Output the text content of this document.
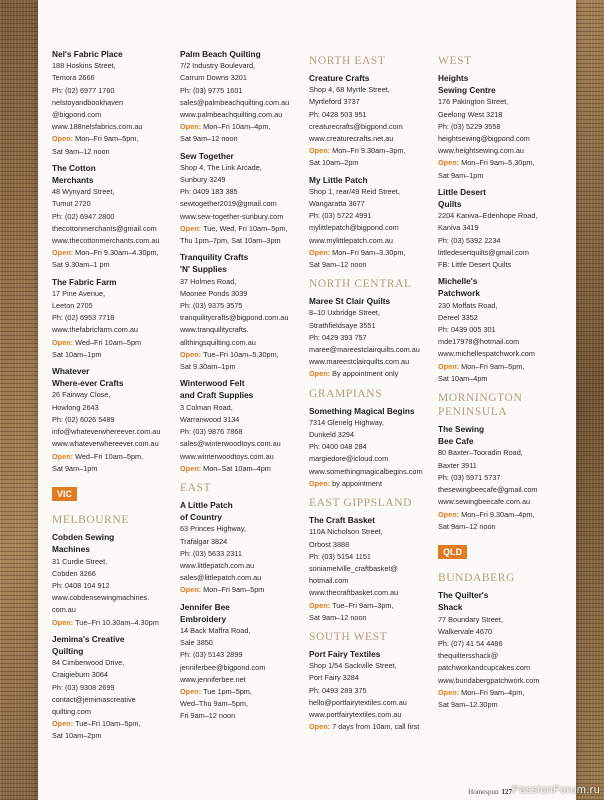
Nel's Fabric Place
188 Hoskins Street,
Temora 2666
Ph: (02) 6977 1760
nelstoyandbookhaven
@bigpond.com
www.188nelsfabrics.com.au
Open: Mon–Fri 9am–5pm,
Sat 9am–12 noon
The Cotton
Merchants
48 Wynyard Street,
Tumut 2720
Ph: (02) 6947 2800
thecottonmerchants@gmail.com
www.thecottonmerchants.com.au
Open: Mon–Fri 9.30am–4.30pm,
Sat 9.30am–1 pm
The Fabric Farm
17 Pine Avenue,
Leeton 2705
Ph: (02) 6953 7718
www.thefabricfarm.com.au
Open: Wed–Fri 10am–5pm
Sat 10am–1pm
Whatever
Where-ever Crafts
26 Fairway Close,
Howlong 2643
Ph: (02) 6026 5489
info@whateverwhereever.com.au
www.whateverwhereever.com.au
Open: Wed–Fri 10am–5pm,
Sat 9am–1pm
VIC
MELBOURNE
Cobden Sewing
Machines
31 Curdie Street,
Cobden 3266
Ph: 0408 104 912
www.cobdensewingmachines.
com.au
Open: Tue–Fri 10.30am–4.30pm
Jemima's Creative
Quilting
84 Cimberwood Drive,
Craigieburn 3064
Ph: (03) 9308 2699
contact@jemimascreative
quilting.com
Open: Tue–Fri 10am–5pm,
Sat 10am–2pm
Palm Beach Quilting
7/2 Industry Boulevard,
Carrum Downs 3201
Ph: (03) 9775 1601
sales@palmbeachquilting.com.au
www.palmbeachquilting.com.au
Open: Mon–Fri 10am–4pm,
Sat 9am–12 noon
Sew Together
Shop 4, The Link Arcade,
Sunbury 3249
Ph: 0409 183 385
sewtogether2019@gmail.com
www.sew-together-sunbury.com
Open: Tue, Wed, Fri 10am–5pm,
Thu 1pm–7pm, Sat 10am–3pm
Tranquility Crafts
'N' Supplies
37 Holmes Road,
Moonee Ponds 3039
Ph: (03) 9375 3575
tranquilitycrafts@bigpond.com.au
www.tranquilitycrafts.
allthingsquilting.com.au
Open: Tue–Fri 10am–5.30pm,
Sat 9.30am–1pm
Winterwood Felt
and Craft Supplies
3 Colman Road,
Warranwood 3134
Ph: (03) 9876 7868
sales@winterwoodtoys.com.au
www.winterwoodtoys.com.au
Open: Mon–Sat 10am–4pm
EAST
A Little Patch
of Country
63 Princes Highway,
Trafalgar 3824
Ph: (03) 5633 2311
www.littlepatch.com.au
sales@littlepatch.com.au
Open: Mon–Fri 9am–5pm
Jennifer Bee
Embroidery
14 Back Maffra Road,
Sale 3850
Ph: (03) 5143 2899
jenniferbee@bigpond.com
www.jenniferbee.net
Open: Tue 1pm–5pm,
Wed–Thu 9am–5pm,
Fri 9am–12 noon
NORTH EAST
Creature Crafts
Shop 4, 68 Myrtle Street,
Myrtleford 3737
Ph: 0428 503 951
creaturecrafts@bigpond.com
www.creaturecrafts.net.au
Open: Mon–Fri 9.30am–3pm,
Sat 10am–2pm
My Little Patch
Shop 1, rear/49 Reid Street,
Wangaratta 3677
Ph: (03) 5722 4991
mylittlepatch@bigpond.com
www.mylittlepatch.com.au
Open: Mon–Fri 9am–3.30pm,
Sat 9am–12 noon
NORTH CENTRAL
Maree St Clair Quilts
8–10 Uxbridge Street,
Strathfieldsaye 3551
Ph: 0429 393 757
maree@mareestclairquilts.com.au
www.mareestclairquilts.com.au
Open: By appointment only
GRAMPIANS
Something Magical Begins
7314 Glenelg Highway,
Dunkeld 3294
Ph: 0400 048 284
margiedore@icloud.com
www.somethingmagicalbegins.com
Open: by appointment
EAST GIPPSLAND
The Craft Basket
110A Nicholson Street,
Orbost 3888
Ph: (03) 5154 1151
soniamelville_craftbasket@
hotmail.com
www.thecraftbasket.com.au
Open: Tue–Fri 9am–3pm,
Sat 9am–12 noon
SOUTH WEST
Port Fairy Textiles
Shop 1/54 Sackville Street,
Port Fairy 3284
Ph: 0493 289 375
hello@portfairytextiles.com.au
www.portfairytextiles.com.au
Open: 7 days from 10am, call first
WEST
Heights
Sewing Centre
176 Pakington Street,
Geelong West 3218
Ph: (03) 5229 3558
heightsewing@bigpond.com
www.heightsewing.com.au
Open: Mon–Fri 9am–5.30pm,
Sat 9am–1pm
Little Desert
Quilts
2204 Kaniva–Edenhope Road,
Kaniva 3419
Ph: (03) 5392 2234
littledesertquilts@gmail.com
FB: Little Desert Quilts
Michelle's
Patchwork
230 Moffats Road,
Dereel 3352
Ph: 0439 005 301
mde17978@hotmail.com
www.michellespatchwork.com
Open: Mon–Fri 9am–5pm,
Sat 10am–4pm
MORNINGTON PENINSULA
The Sewing
Bee Cafe
80 Baxter–Tooradin Road,
Baxter 3911
Ph: (03) 5971 5737
thesewingbeecafe@gmail.com
www.sewingbeecafe.com.au
Open: Mon–Fri 9.30am–4pm,
Sat 9am–12 noon
QLD
BUNDABERG
The Quilter's
Shack
77 Boundary Street,
Walkervale 4670
Ph: (07) 41 54 4486
thequiltersshack@
patchworkandcupcakes.com
www.bundabergpatchwork.com
Open: Mon–Fri 9am–4pm,
Sat 9am–12.30pm
Homespun 127 PassionForum.ru
